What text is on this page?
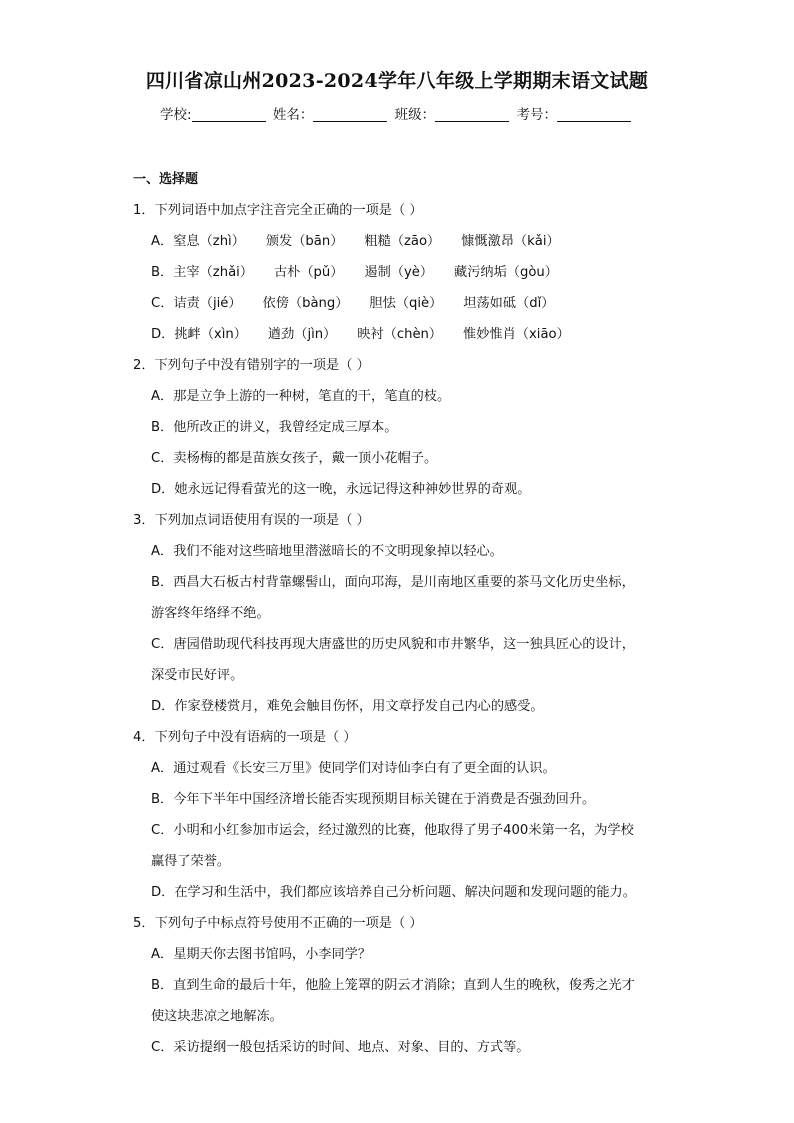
四川省凉山州2023-2024学年八年级上学期期末语文试题
学校:	姓名：	班级：	考号：
一、选择题
1．下列词语中加点字注音完全正确的一项是（ ）
A．窒息（zhì）     颁发（bān）     粗糙（zāo）     慷慨激昂（kǎi）
B．主宰（zhǎi）     古朴（pǔ）     遏制（yè）     藏污纳垢（gòu）
C．诘责（jié）     依傍（bàng）     胆怯（qiè）     坦荡如砥（dǐ）
D．挑衅（xìn）     遒劲（jìn）     映衬（chèn）     惟妙惟肖（xiāo）
2．下列句子中没有错别字的一项是（ ）
A．那是立争上游的一种树，笔直的干，笔直的枝。
B．他所改正的讲义，我曾经定成三厚本。
C．卖杨梅的都是苗族女孩子，戴一顶小花帽子。
D．她永远记得看萤光的这一晚，永远记得这种神妙世界的奇观。
3．下列加点词语使用有误的一项是（ ）
A．我们不能对这些暗地里潜滋暗长的不文明现象掉以轻心。
B．西昌大石板古村背靠螺髻山，面向邛海，是川南地区重要的茶马文化历史坐标，
游客终年络绎不绝。
C．唐园借助现代科技再现大唐盛世的历史风貌和市井繁华，这一独具匠心的设计，
深受市民好评。
D．作家登楼赏月，难免会触目伤怀，用文章抒发自己内心的感受。
4．下列句子中没有语病的一项是（ ）
A．通过观看《长安三万里》使同学们对诗仙李白有了更全面的认识。
B．今年下半年中国经济增长能否实现预期目标关键在于消费是否强劲回升。
C．小明和小红参加市运会，经过激烈的比赛，他取得了男子400米第一名，为学校
赢得了荣誉。
D．在学习和生活中，我们都应该培养自己分析问题、解决问题和发现问题的能力。
5．下列句子中标点符号使用不正确的一项是（ ）
A．星期天你去图书馆吗，小李同学？
B．直到生命的最后十年，他脸上笼罩的阴云才消除；直到人生的晚秋，俊秀之光才
使这块悲凉之地解冻。
C．采访提纲一般包括采访的时间、地点、对象、目的、方式等。
